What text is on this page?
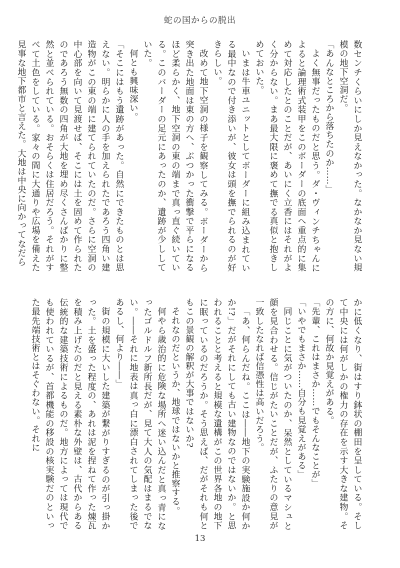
蛇の国からの脱出

数センチくらいにしか見えなかった。なかなか見ない規模の地下空洞だ。

「あんなところから落ちたのか……」

よく無事だったものだと思う。ダ・ヴィンチちゃんによると論理術式装甲をこのボーダーの底面へ重点的に集めて対応したとのことだが、あいにく立香にはそれがよく分からない。まあ最大限に褒めて撫でる真似と抱きしめておいた。

いまは牛車ユニットとしてボーダーに組み込まれている最中なので付き添いが、彼女は頭を撫でられるのが好きらしい。

改めて地下空洞の様子を観察してみる。ボーダーから突き出た地面は東の方へ、ぶつかった衝撃で平らになるほど柔らかく、地下空洞の東の端まで真っ直ぐ続いている。このバーダーの足元にあったのか、遺跡が少ししていた。

何とも興味深い。

「そこにはもう遺跡があった。自然にできたものとは思えない。明らかに人の手を加えられたであろう四角い建造物がこの東の端に建てられていたのだ。さらに空洞の中心部を向いて見渡せば、そこには土を固めて作られたのであろう無数の四角が大地を埋め尽くさんばかりに整然と並べられている。おそらくは住居だろう。それがすべて土色をしている。家々の間に大通りや広場を備えた見事な地下都市と言えた。大地は中央に向かってなだら

かに低くなり、街はすり鉢状の棚田を呈している。そして中央には何がしかの権力の存在を示す大きな建物。その方に、何故か見覚えがある。

「先輩、これはまさか……でもそんなことが」

「いやでもまさか……自分も見覚えがある」

同じことに気がついたのか、呆然としているマシュと顔を見合わせる。信じがたいことだが、ふたりの意見が一致したなれば信憑性は高いだろう。

「あ、何らんだね。ここは――地下の実験施設か何かか!?」だがそれにしても古い建物なのではないか。と思われることと考えると規模な遺構がこの世界各地の地下に眠っているのだろうか。そう思えば、だがそれも何ともこの景観の解釈が大事ではないか?

それなのだというか、地球ではないかと推察する。

何やら歳治的に危険な場所へ迷い込んだと真っ青になったゴルドルフ新所長だが、見て大人の気配はまるでない。――それに地表は真っ白に漂白されてしまった後であるし、何より――」

街の規模に大いした建築が繋がりすぎるのが引っ掛かった。土を盛った程度の、あれは泥を捏ねて作った煉瓦を積み上げたのだと見える素朴な外壁は、古代からある伝統的な建築技術によるものだ。地方によっては現代でも使われているが、首都機能の移設の核実験だのといった最先端技術とはそぐわない。それに

13
